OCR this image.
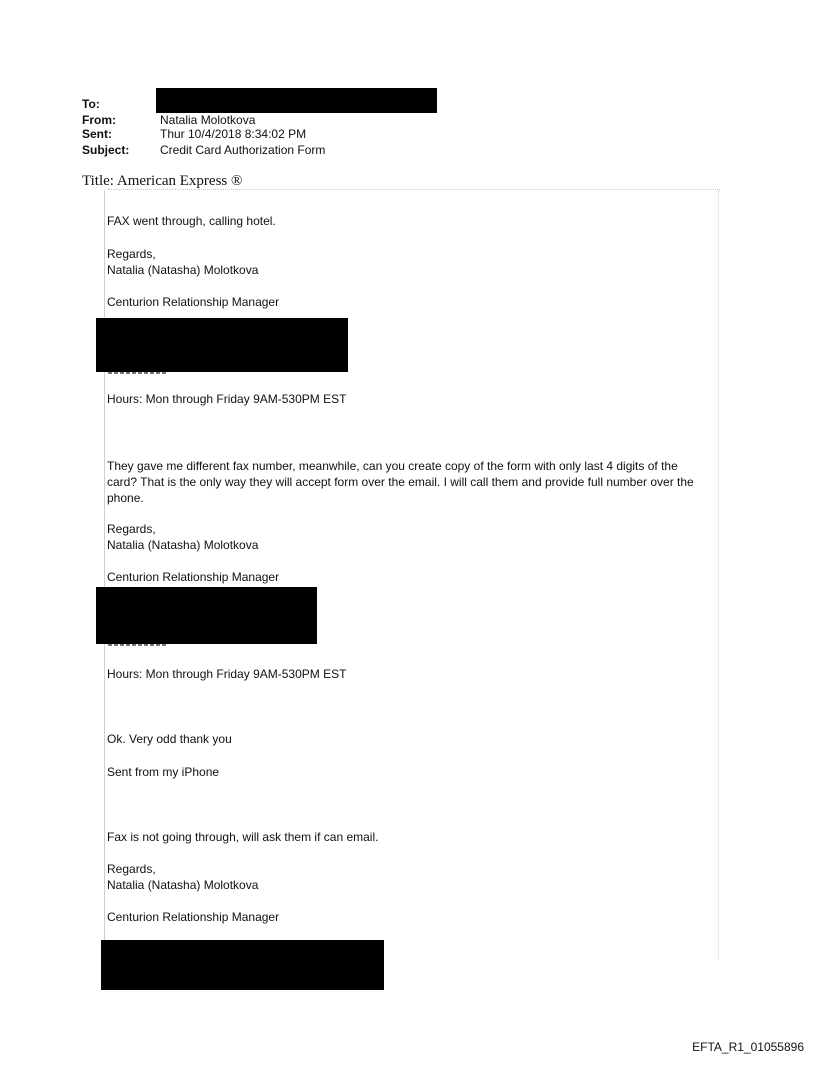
To:
From:	Natalia Molotkova
Sent:	Thur 10/4/2018 8:34:02 PM
Subject:	Credit Card Authorization Form
Title: American Express ®
FAX went through, calling hotel.
Regards,
Natalia (Natasha) Molotkova
Centurion Relationship Manager
Hours: Mon through Friday 9AM-530PM EST
They gave me different fax number, meanwhile, can you create copy of the form with only last 4 digits of the card? That is the only way they will accept form over the email. I will call them and provide full number over the phone.
Regards,
Natalia (Natasha) Molotkova
Centurion Relationship Manager
Hours: Mon through Friday 9AM-530PM EST
Ok. Very odd thank you
Sent from my iPhone
Fax is not going through, will ask them if can email.
Regards,
Natalia (Natasha) Molotkova
Centurion Relationship Manager
EFTA_R1_01055896
